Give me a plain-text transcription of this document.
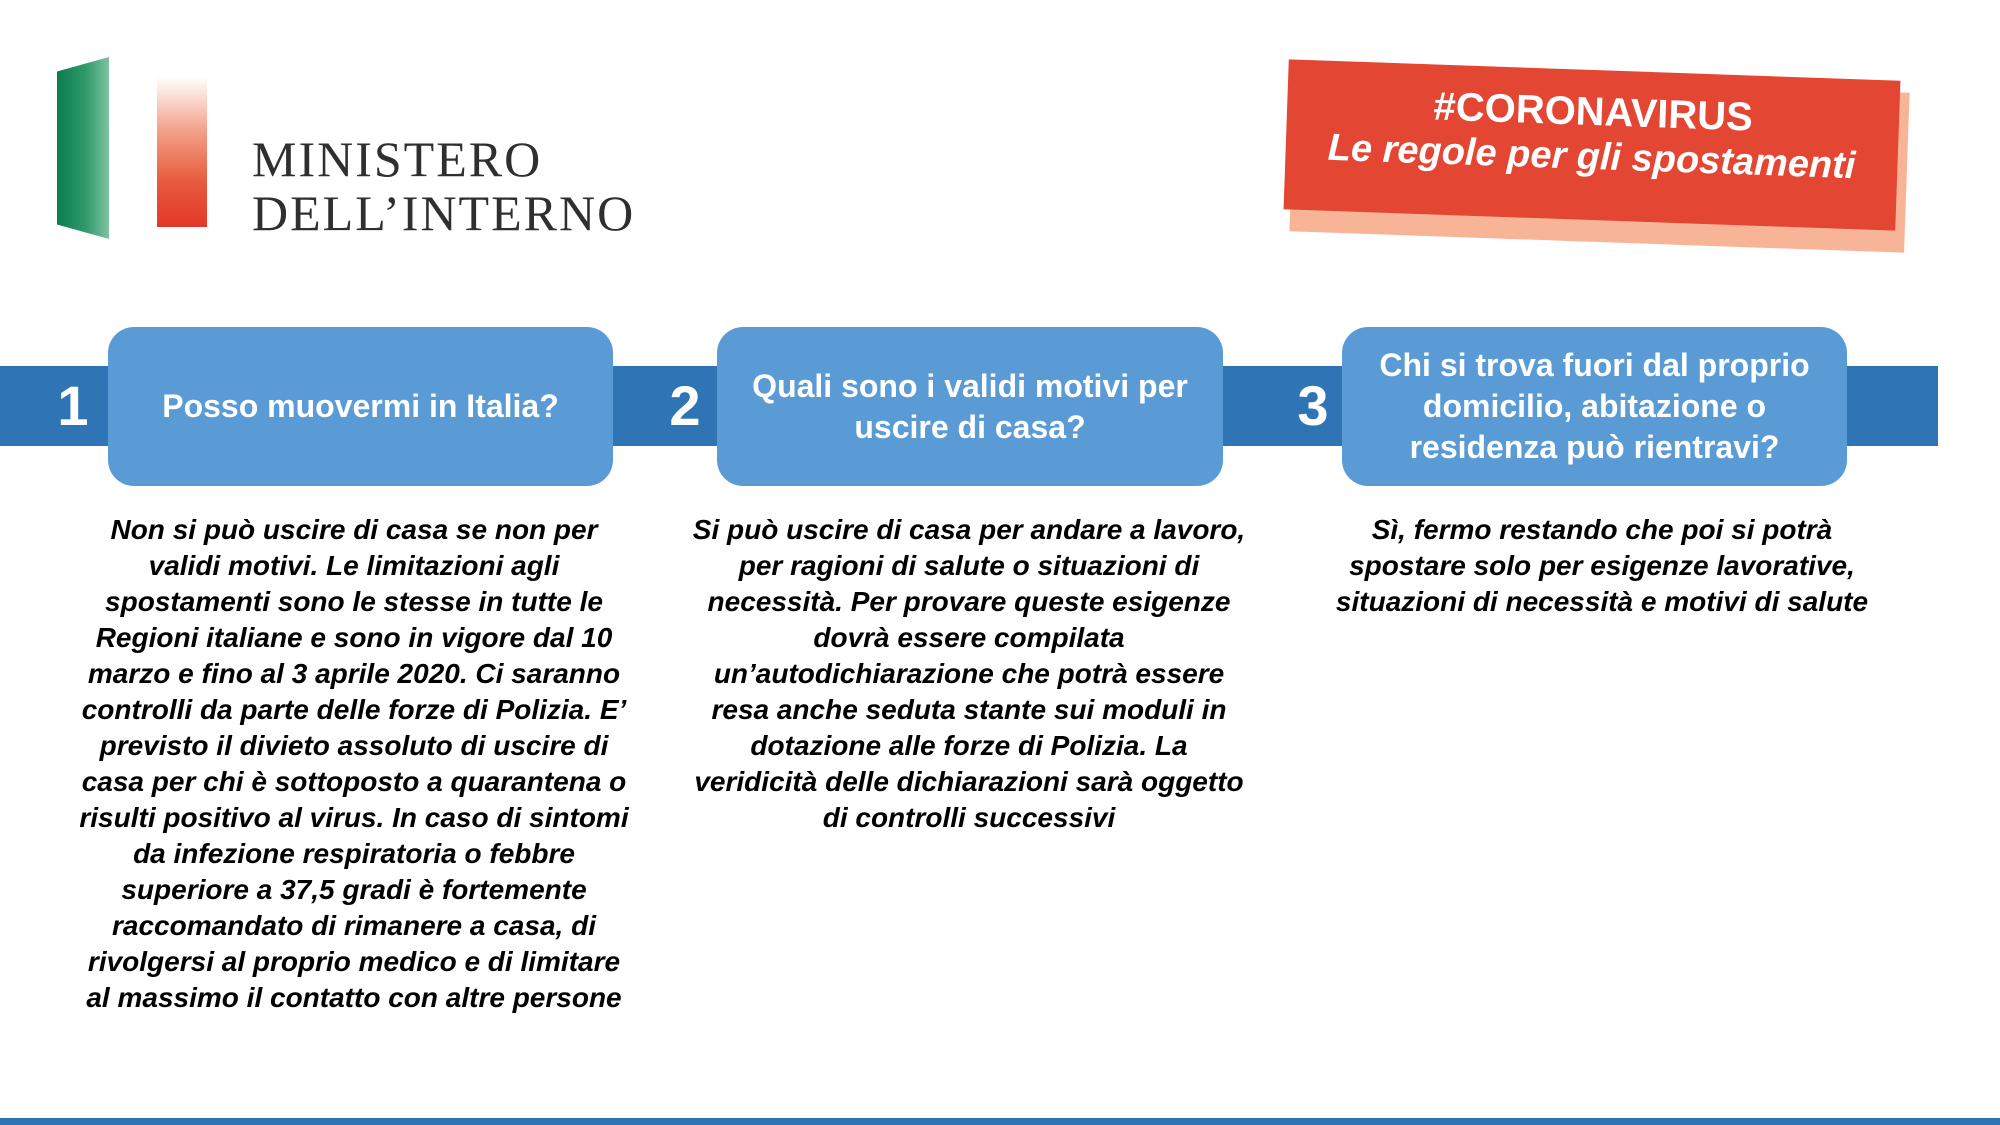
MINISTERO
DELL’INTERNO
#CORONAVIRUS
Le regole per gli spostamenti
1	Posso muovermi in Italia?	2	Quali sono i validi motivi per uscire di casa?	3
Chi si trova fuori dal proprio domicilio, abitazione o residenza può rientravi?
Non si può uscire di casa se non per validi motivi. Le limitazioni agli spostamenti sono le stesse in tutte le Regioni italiane e sono in vigore dal 10 marzo e fino al 3 aprile 2020. Ci saranno controlli da parte delle forze di Polizia. E’ previsto il divieto assoluto di uscire di casa per chi è sottoposto a quarantena o risulti positivo al virus. In caso di sintomi da infezione respiratoria o febbre superiore a 37,5 gradi è fortemente raccomandato di rimanere a casa, di rivolgersi al proprio medico e di limitare al massimo il contatto con altre persone
Si può uscire di casa per andare a lavoro, per ragioni di salute o situazioni di necessità. Per provare queste esigenze dovrà essere compilata un’autodichiarazione che potrà essere resa anche seduta stante sui moduli in dotazione alle forze di Polizia. La veridicità delle dichiarazioni sarà oggetto di controlli successivi
Sì, fermo restando che poi si potrà spostare solo per esigenze lavorative, situazioni di necessità e motivi di salute
